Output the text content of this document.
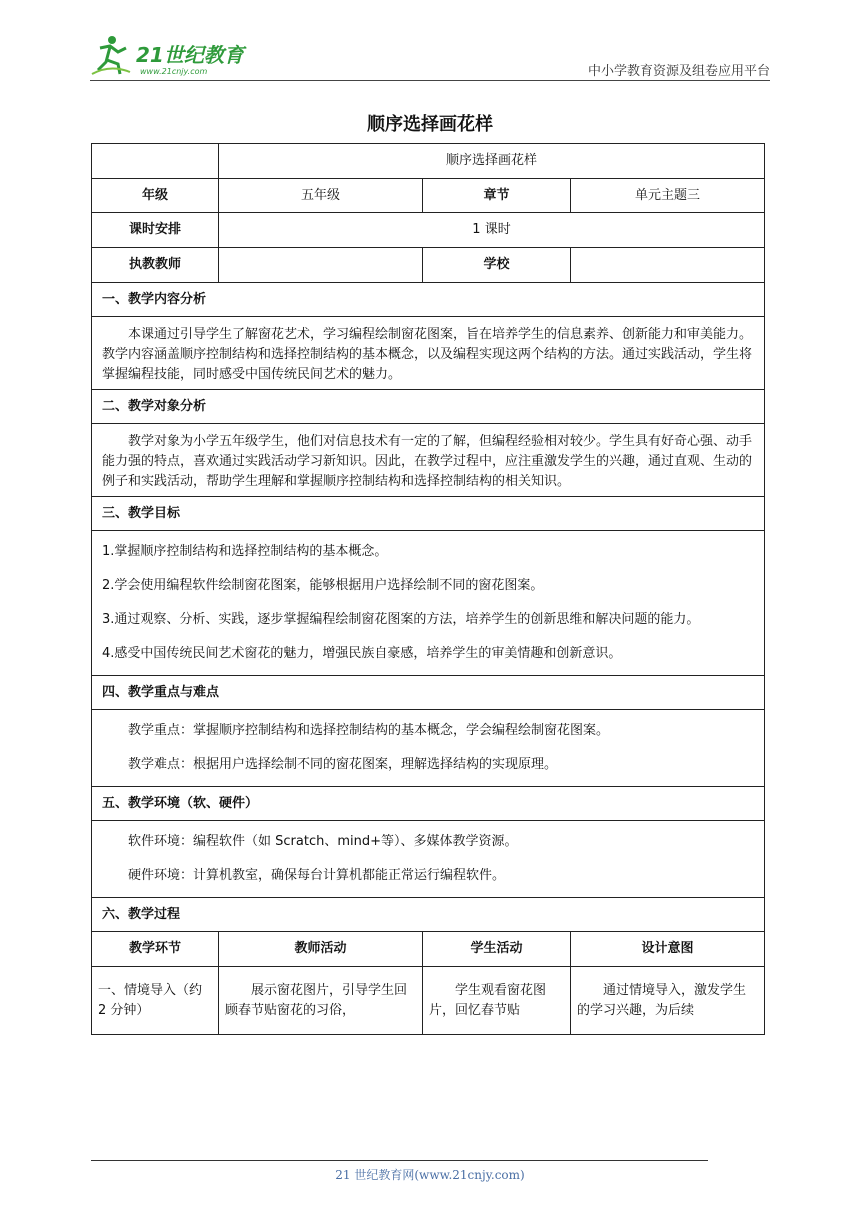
21世纪教育
www.21cnjy.com	中小学教育资源及组卷应用平台
顺序选择画花样
	顺序选择画花样		
年级	五年级	章节	单元主题三
课时安排	1 课时		
执教教师		学校	
一、教学内容分析			
本课通过引导学生了解窗花艺术，学习编程绘制窗花图案，旨在培养学生的信息素养、创新能力和审美能力。教学内容涵盖顺序控制结构和选择控制结构的基本概念，以及编程实现这两个结构的方法。通过实践活动，学生将掌握编程技能，同时感受中国传统民间艺术的魅力。			
二、教学对象分析			
教学对象为小学五年级学生，他们对信息技术有一定的了解，但编程经验相对较少。学生具有好奇心强、动手能力强的特点，喜欢通过实践活动学习新知识。因此，在教学过程中，应注重激发学生的兴趣，通过直观、生动的例子和实践活动，帮助学生理解和掌握顺序控制结构和选择控制结构的相关知识。			
三、教学目标			

1.掌握顺序控制结构和选择控制结构的基本概念。

2.学会使用编程软件绘制窗花图案，能够根据用户选择绘制不同的窗花图案。

3.通过观察、分析、实践，逐步掌握编程绘制窗花图案的方法，培养学生的创新思维和解决问题的能力。

4.感受中国传统民间艺术窗花的魅力，增强民族自豪感，培养学生的审美情趣和创新意识。			

四、教学重点与难点			

教学重点：掌握顺序控制结构和选择控制结构的基本概念，学会编程绘制窗花图案。

教学难点：根据用户选择绘制不同的窗花图案，理解选择结构的实现原理。			

五、教学环境（软、硬件）			

软件环境：编程软件（如 Scratch、mind+等）、多媒体教学资源。

硬件环境：计算机教室，确保每台计算机都能正常运行编程软件。			

六、教学过程			
教学环节	教师活动	学生活动	设计意图
一、情境导入（约 2 分钟）	展示窗花图片，引导学生回顾春节贴窗花的习俗，	学生观看窗花图片，回忆春节贴	通过情境导入，激发学生的学习兴趣，为后续
21 世纪教育网(www.21cnjy.com)
